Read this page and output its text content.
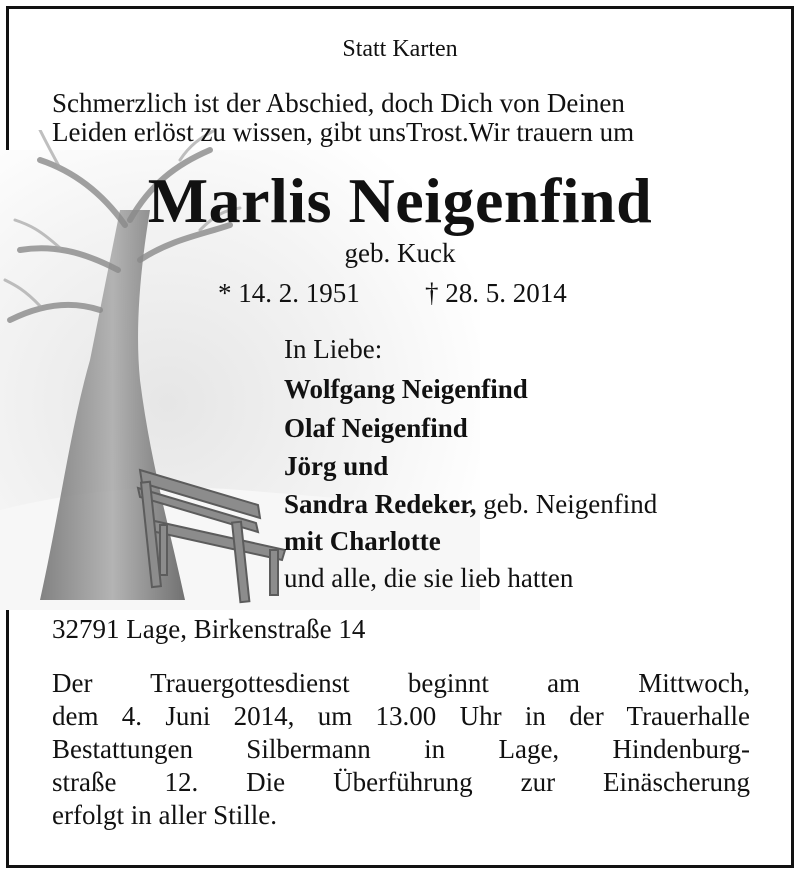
Statt Karten
Schmerzlich ist der Abschied, doch Dich von Deinen
Leiden erlöst zu wissen, gibt unsTrost.Wir trauern um
Marlis Neigenfind
geb. Kuck
* 14. 2. 1951 † 28. 5. 2014
In Liebe:
Wolfgang Neigenfind
Olaf Neigenfind
Jörg und
Sandra Redeker, geb. Neigenfind
mit Charlotte
und alle, die sie lieb hatten
32791 Lage, Birkenstraße 14
Der Trauergottesdienst beginnt am Mittwoch,
dem 4. Juni 2014, um 13.00 Uhr in der Trauerhalle
Bestattungen Silbermann in Lage, Hindenburg-
straße 12. Die Überführung zur Einäscherung
erfolgt in aller Stille.
